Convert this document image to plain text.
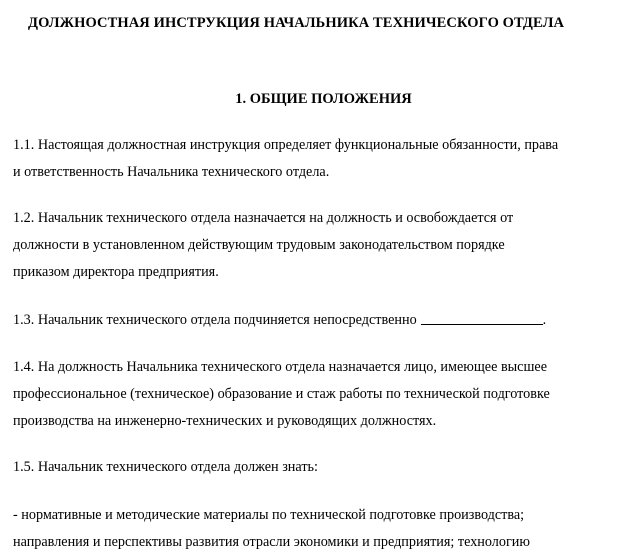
ДОЛЖНОСТНАЯ ИНСТРУКЦИЯ НАЧАЛЬНИКА ТЕХНИЧЕСКОГО ОТДЕЛА
1. ОБЩИЕ ПОЛОЖЕНИЯ

1.1. Настоящая должностная инструкция определяет функциональные обязанности, права
и ответственность Начальника технического отдела.

1.2. Начальник технического отдела назначается на должность и освобождается от
должности в установленном действующим трудовым законодательством порядке
приказом директора предприятия.

1.3. Начальник технического отдела подчиняется непосредственно	.

1.4. На должность Начальника технического отдела назначается лицо, имеющее высшее
профессиональное (техническое) образование и стаж работы по технической подготовке
производства на инженерно-технических и руководящих должностях.

1.5. Начальник технического отдела должен знать:

- нормативные и методические материалы по технической подготовке производства;
направления и перспективы развития отрасли экономики и предприятия; технологию
